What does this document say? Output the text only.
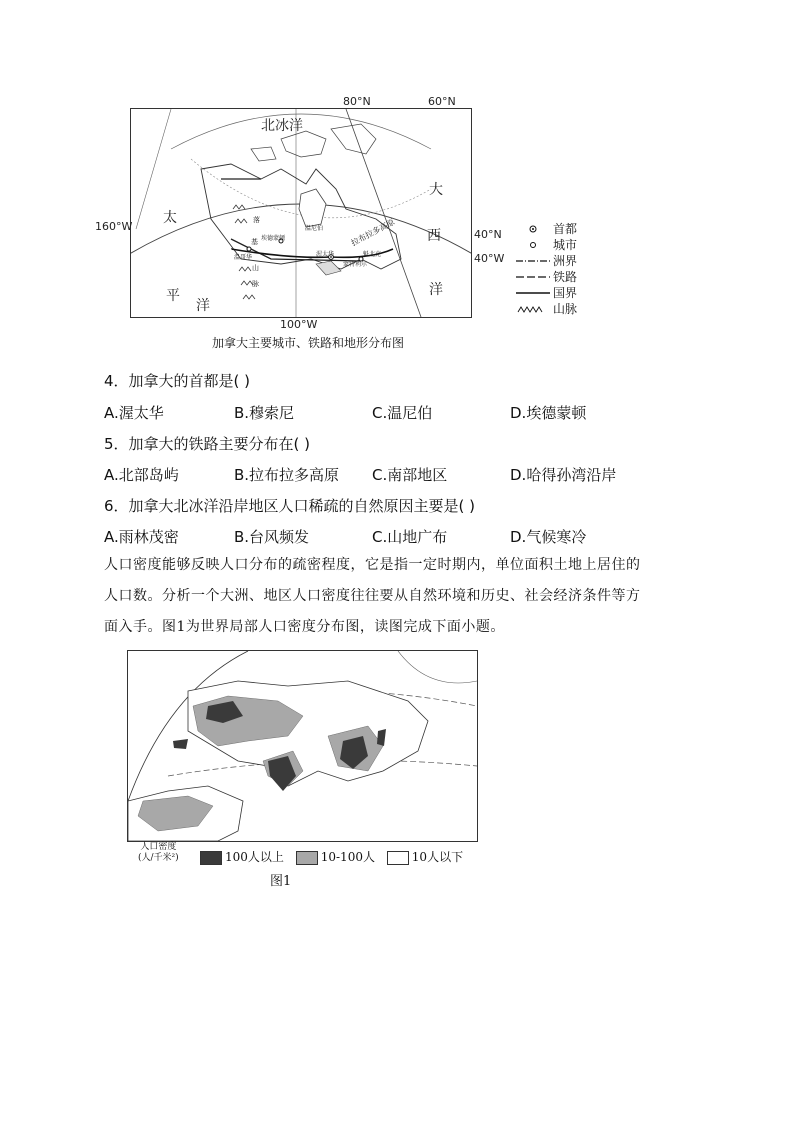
北冰洋
太
平
洋
大
西
洋
落
基
山
脉
埃德蒙顿
温尼伯	拉布拉多高原
温哥华
蒙特利尔
渥太华	魁北克
80°N	60°N
40°N
40°W
160°W
100°W
首都
城市
洲界
铁路
国界
山脉
加拿大主要城市、铁路和地形分布图
4．加拿大的首都是( )
A.渥太华	B.穆索尼	C.温尼伯	D.埃德蒙顿
5．加拿大的铁路主要分布在( )
A.北部岛屿	B.拉布拉多高原 C.南部地区	D.哈得孙湾沿岸
6．加拿大北冰洋沿岸地区人口稀疏的自然原因主要是( )
A.雨林茂密	B.台风频发	C.山地广布	D.气候寒冷
人口密度能够反映人口分布的疏密程度，它是指一定时期内，单位面积土地上居住的
人口数。分析一个大洲、地区人口密度往往要从自然环境和历史、社会经济条件等方
面入手。图1为世界局部人口密度分布图，读图完成下面小题。
人口密度
(人/千米²)	100人以上	10-100人	10人以下
图1
